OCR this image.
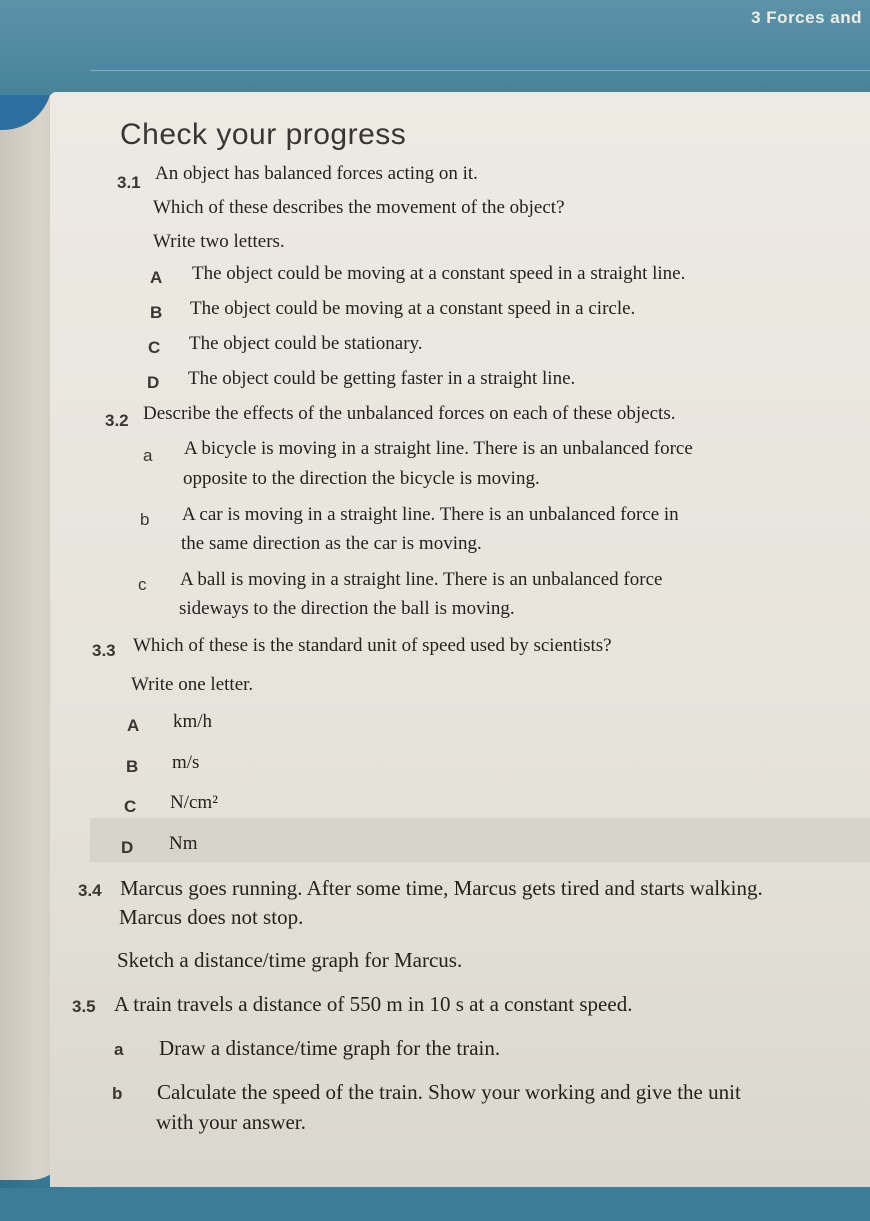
3 Forces and
Check your progress
3.1 An object has balanced forces acting on it.
Which of these describes the movement of the object?
Write two letters.
A The object could be moving at a constant speed in a straight line.
B The object could be moving at a constant speed in a circle.
C The object could be stationary.
D The object could be getting faster in a straight line.
3.2 Describe the effects of the unbalanced forces on each of these objects.
a A bicycle is moving in a straight line. There is an unbalanced force
opposite to the direction the bicycle is moving.
b A car is moving in a straight line. There is an unbalanced force in
the same direction as the car is moving.
c A ball is moving in a straight line. There is an unbalanced force
sideways to the direction the ball is moving.
3.3 Which of these is the standard unit of speed used by scientists?
Write one letter.
A km/h
B m/s
C N/cm²
D Nm
3.4 Marcus goes running. After some time, Marcus gets tired and starts walking.
Marcus does not stop.
Sketch a distance/time graph for Marcus.
3.5 A train travels a distance of 550 m in 10 s at a constant speed.
a Draw a distance/time graph for the train.
b Calculate the speed of the train. Show your working and give the unit
with your answer.
